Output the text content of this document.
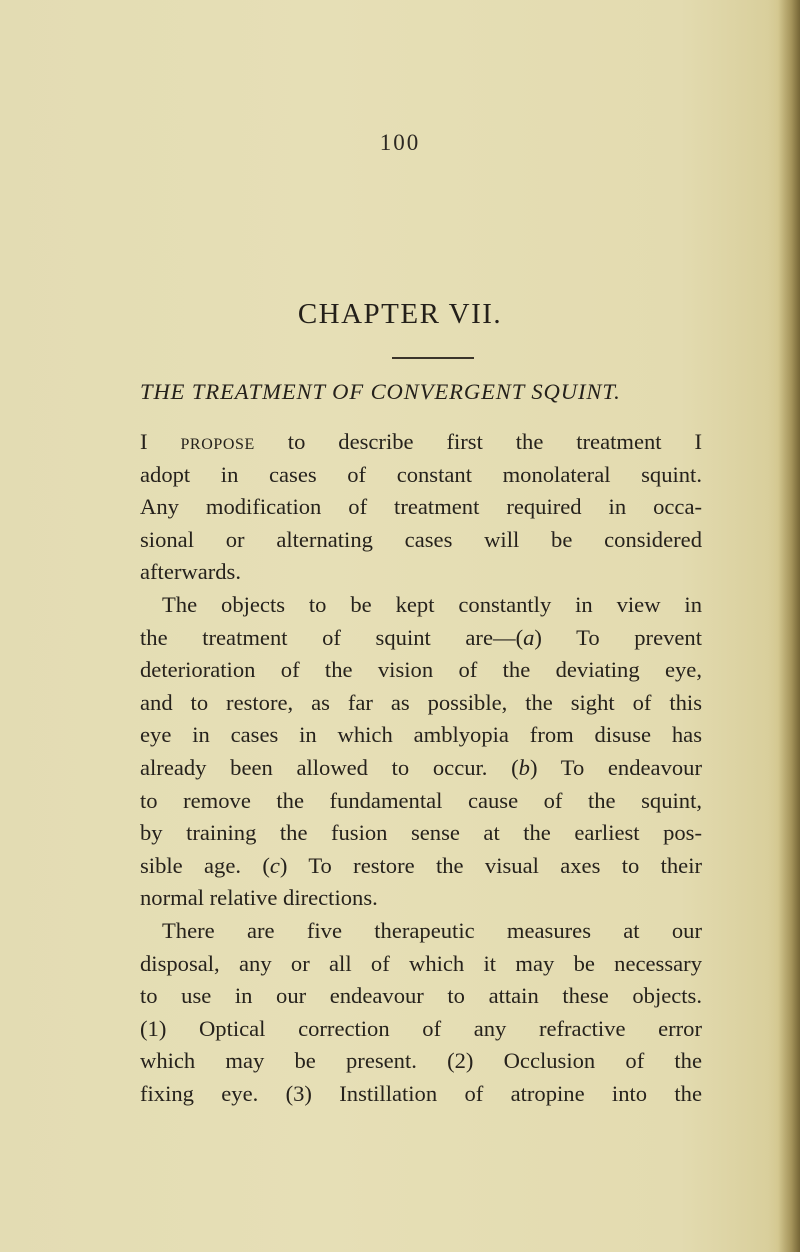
100
CHAPTER VII.
THE TREATMENT OF CONVERGENT SQUINT.
I propose to describe first the treatment I
adopt in cases of constant monolateral squint.
Any modification of treatment required in occa-
sional or alternating cases will be considered
afterwards.
The objects to be kept constantly in view in
the treatment of squint are—(a) To prevent
deterioration of the vision of the deviating eye,
and to restore, as far as possible, the sight of this
eye in cases in which amblyopia from disuse has
already been allowed to occur. (b) To endeavour
to remove the fundamental cause of the squint,
by training the fusion sense at the earliest pos-
sible age. (c) To restore the visual axes to their
normal relative directions.
There are five therapeutic measures at our
disposal, any or all of which it may be necessary
to use in our endeavour to attain these objects.
(1) Optical correction of any refractive error
which may be present. (2) Occlusion of the
fixing eye. (3) Instillation of atropine into the
